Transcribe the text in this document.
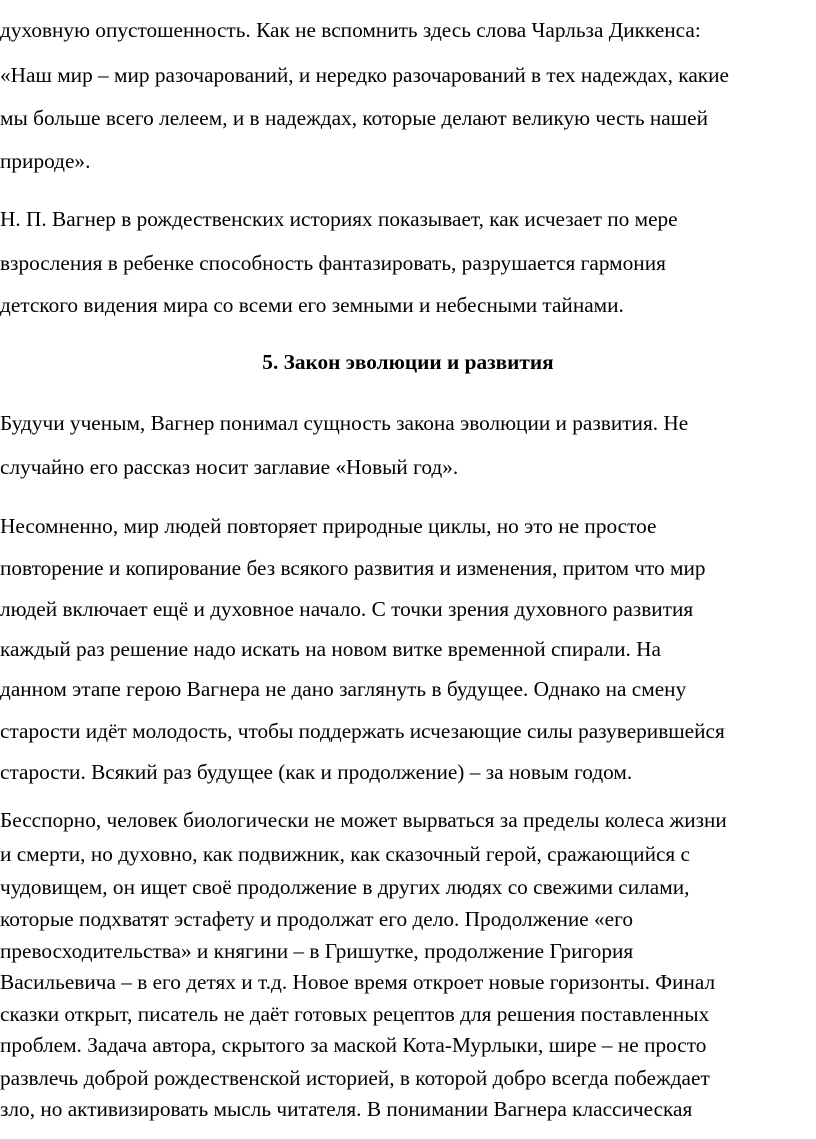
духовную опустошенность. Как не вспомнить здесь слова Чарльза Диккенса:
«Наш мир – мир разочарований, и нередко разочарований в тех надеждах, какие
мы больше всего лелеем, и в надеждах, которые делают великую честь нашей
природе».
Н. П. Вагнер в рождественских историях показывает, как исчезает по мере
взросления в ребенке способность фантазировать, разрушается гармония
детского видения мира со всеми его земными и небесными тайнами.

5. Закон эволюции и развития

Будучи ученым, Вагнер понимал сущность закона эволюции и развития. Не
случайно его рассказ носит заглавие «Новый год».
Несомненно, мир людей повторяет природные циклы, но это не простое
повторение и копирование без всякого развития и изменения, притом что мир
людей включает ещё и духовное начало. С точки зрения духовного развития
каждый раз решение надо искать на новом витке временной спирали. На
данном этапе герою Вагнера не дано заглянуть в будущее. Однако на смену
старости идёт молодость, чтобы поддержать исчезающие силы разуверившейся
старости. Всякий раз будущее (как и продолжение) – за новым годом.
Бесспорно, человек биологически не может вырваться за пределы колеса жизни
и смерти, но духовно, как подвижник, как сказочный герой, сражающийся с
чудовищем, он ищет своё продолжение в других людях со свежими силами,
которые подхватят эстафету и продолжат его дело. Продолжение «его
превосходительства» и княгини – в Гришутке, продолжение Григория
Васильевича – в его детях и т.д. Новое время откроет новые горизонты. Финал
сказки открыт, писатель не даёт готовых рецептов для решения поставленных
проблем. Задача автора, скрытого за маской Кота-Мурлыки, шире – не просто
развлечь доброй рождественской историей, в которой добро всегда побеждает
зло, но активизировать мысль читателя. В понимании Вагнера классическая
